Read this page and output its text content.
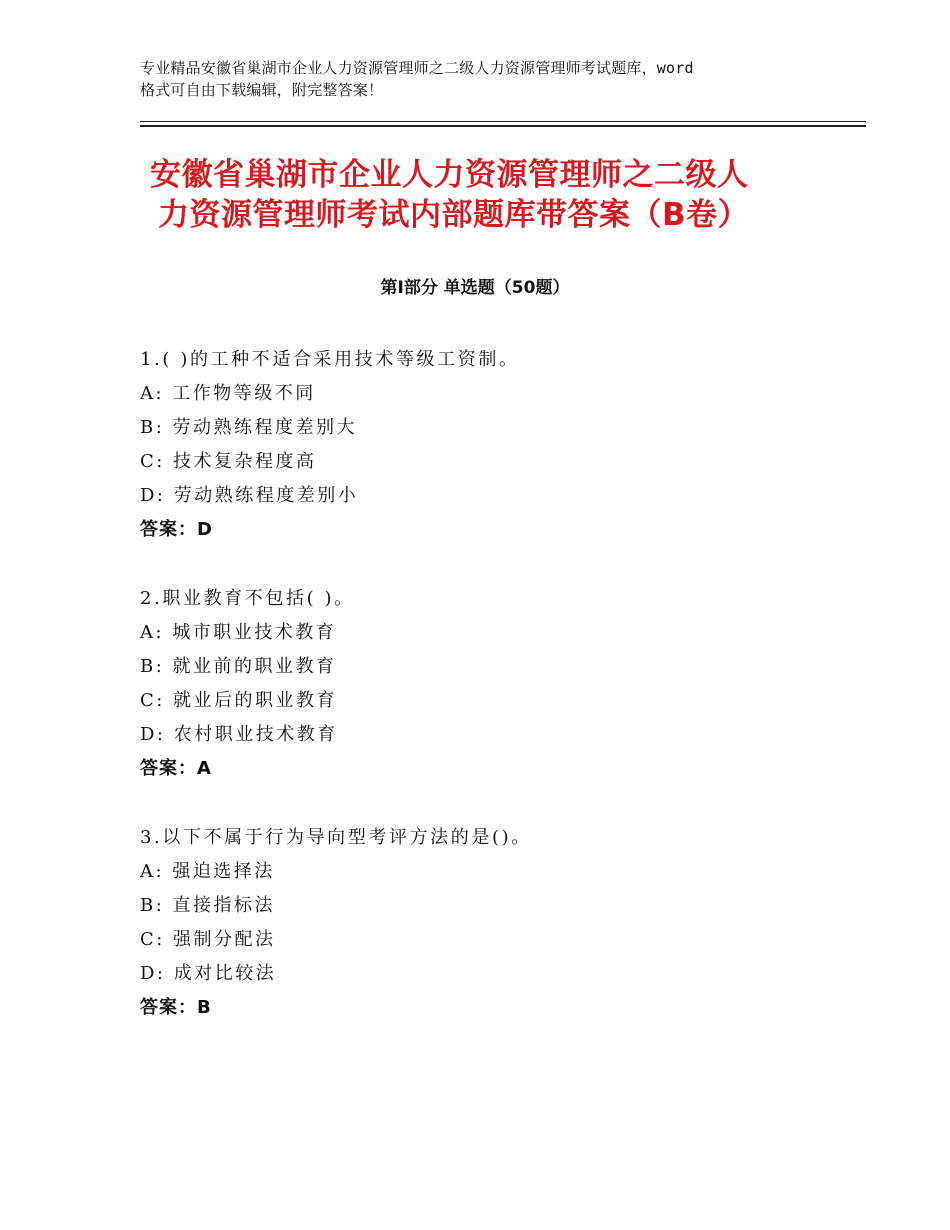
专业精品安徽省巢湖市企业人力资源管理师之二级人力资源管理师考试题库，word
格式可自由下载编辑，附完整答案！
安徽省巢湖市企业人力资源管理师之二级人
力资源管理师考试内部题库带答案（B卷）
第Ⅰ部分 单选题（50题）
1.( )的工种不适合采用技术等级工资制。
A: 工作物等级不同
B: 劳动熟练程度差别大
C: 技术复杂程度高
D: 劳动熟练程度差别小
答案：D
2.职业教育不包括( )。
A: 城市职业技术教育
B: 就业前的职业教育
C: 就业后的职业教育
D: 农村职业技术教育
答案：A
3.以下不属于行为导向型考评方法的是()。
A: 强迫选择法
B: 直接指标法
C: 强制分配法
D: 成对比较法
答案：B
